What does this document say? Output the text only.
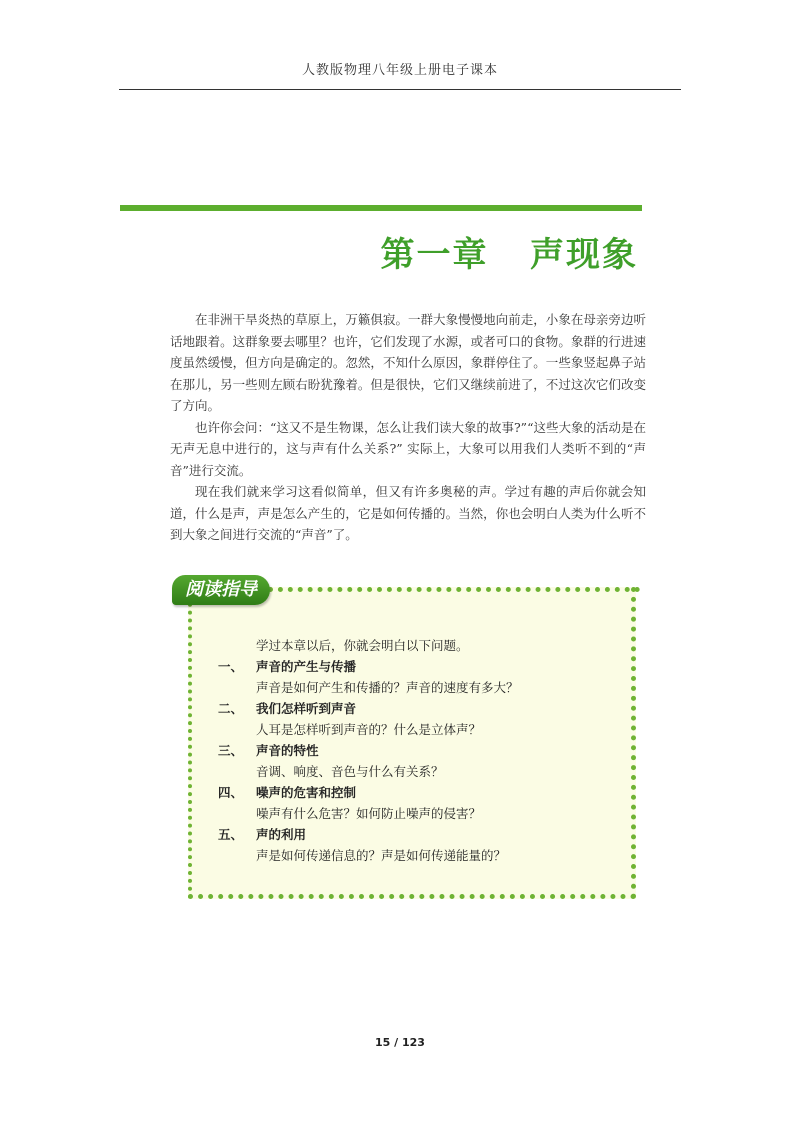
人教版物理八年级上册电子课本
第一章   声现象

在非洲干旱炎热的草原上，万籁俱寂。一群大象慢慢地向前走，小象在母亲旁边听话地跟着。这群象要去哪里？也许，它们发现了水源，或者可口的食物。象群的行进速度虽然缓慢，但方向是确定的。忽然，不知什么原因，象群停住了。一些象竖起鼻子站在那儿，另一些则左顾右盼犹豫着。但是很快，它们又继续前进了，不过这次它们改变了方向。

也许你会问：“这又不是生物课，怎么让我们读大象的故事?”“这些大象的活动是在无声无息中进行的，这与声有什么关系?” 实际上，大象可以用我们人类听不到的“声音”进行交流。

现在我们就来学习这看似简单，但又有许多奥秘的声。学过有趣的声后你就会知道，什么是声，声是怎么产生的，它是如何传播的。当然，你也会明白人类为什么听不到大象之间进行交流的“声音”了。

阅读指导
学过本章以后，你就会明白以下问题。
一、 声音的产生与传播
声音是如何产生和传播的？声音的速度有多大？
二、 我们怎样听到声音
人耳是怎样听到声音的？什么是立体声？
三、 声音的特性
音调、响度、音色与什么有关系？
四、 噪声的危害和控制
噪声有什么危害？如何防止噪声的侵害？
五、 声的利用
声是如何传递信息的？声是如何传递能量的？
15 / 123
